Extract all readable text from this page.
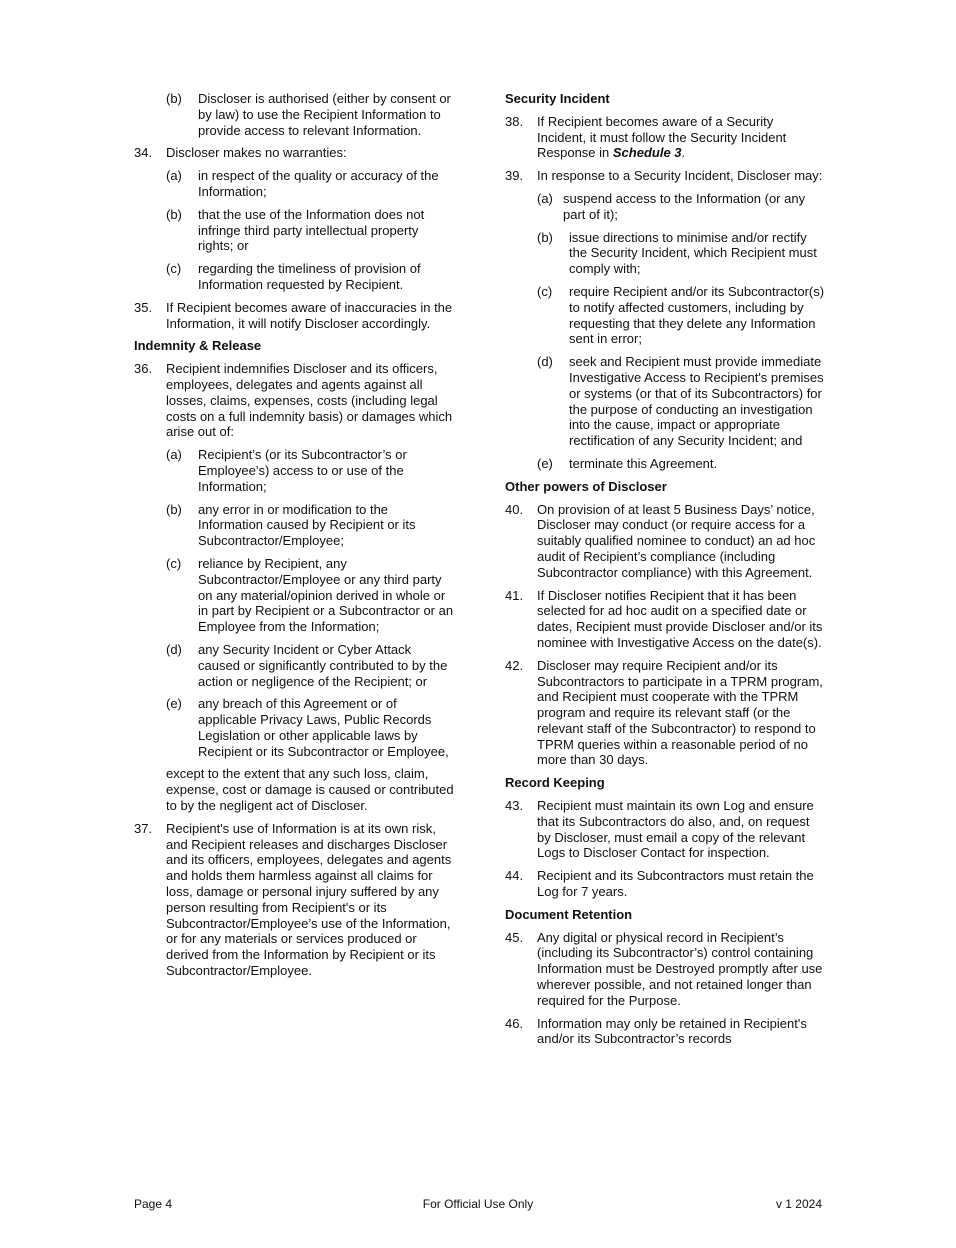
(b)	Discloser is authorised (either by consent or by law) to use the Recipient Information to provide access to relevant Information.
34.	Discloser makes no warranties:
(a)	in respect of the quality or accuracy of the Information;
(b)	that the use of the Information does not infringe third party intellectual property rights; or
(c)	regarding the timeliness of provision of Information requested by Recipient.
35.	If Recipient becomes aware of inaccuracies in the Information, it will notify Discloser accordingly.
Indemnity & Release
36.	Recipient indemnifies Discloser and its officers, employees, delegates and agents against all losses, claims, expenses, costs (including legal costs on a full indemnity basis) or damages which arise out of:
(a)	Recipient’s (or its Subcontractor’s or Employee’s) access to or use of the Information;
(b)	any error in or modification to the Information caused by Recipient or its Subcontractor/Employee;
(c)	reliance by Recipient, any Subcontractor/Employee or any third party on any material/opinion derived in whole or in part by Recipient or a Subcontractor or an Employee from the Information;
(d)	any Security Incident or Cyber Attack caused or significantly contributed to by the action or negligence of the Recipient; or
(e)	any breach of this Agreement or of applicable Privacy Laws, Public Records Legislation or other applicable laws by Recipient or its Subcontractor or Employee,
except to the extent that any such loss, claim, expense, cost or damage is caused or contributed to by the negligent act of Discloser.
37.	Recipient's use of Information is at its own risk, and Recipient releases and discharges Discloser and its officers, employees, delegates and agents and holds them harmless against all claims for loss, damage or personal injury suffered by any person resulting from Recipient's or its Subcontractor/Employee’s use of the Information, or for any materials or services produced or derived from the Information by Recipient or its Subcontractor/Employee.
Security Incident
38.	If Recipient becomes aware of a Security Incident, it must follow the Security Incident Response in Schedule 3.
39.	In response to a Security Incident, Discloser may:
(a) suspend access to the Information (or any part of it);
(b)	issue directions to minimise and/or rectify the Security Incident, which Recipient must comply with;
(c)	require Recipient and/or its Subcontractor(s) to notify affected customers, including by requesting that they delete any Information sent in error;
(d)	seek and Recipient must provide immediate Investigative Access to Recipient's premises or systems (or that of its Subcontractors) for the purpose of conducting an investigation into the cause, impact or appropriate rectification of any Security Incident; and
(e)	terminate this Agreement.
Other powers of Discloser
40.	On provision of at least 5 Business Days’ notice, Discloser may conduct (or require access for a suitably qualified nominee to conduct) an ad hoc audit of Recipient’s compliance (including Subcontractor compliance) with this Agreement.
41.	If Discloser notifies Recipient that it has been selected for ad hoc audit on a specified date or dates, Recipient must provide Discloser and/or its nominee with Investigative Access on the date(s).
42.	Discloser may require Recipient and/or its Subcontractors to participate in a TPRM program, and Recipient must cooperate with the TPRM program and require its relevant staff (or the relevant staff of the Subcontractor) to respond to TPRM queries within a reasonable period of no more than 30 days.
Record Keeping
43.	Recipient must maintain its own Log and ensure that its Subcontractors do also, and, on request by Discloser, must email a copy of the relevant Logs to Discloser Contact for inspection.
44.	Recipient and its Subcontractors must retain the Log for 7 years.
Document Retention
45.	Any digital or physical record in Recipient’s (including its Subcontractor’s) control containing Information must be Destroyed promptly after use wherever possible, and not retained longer than required for the Purpose.
46.	Information may only be retained in Recipient's and/or its Subcontractor’s records
Page 4	For Official Use Only	v 1 2024
